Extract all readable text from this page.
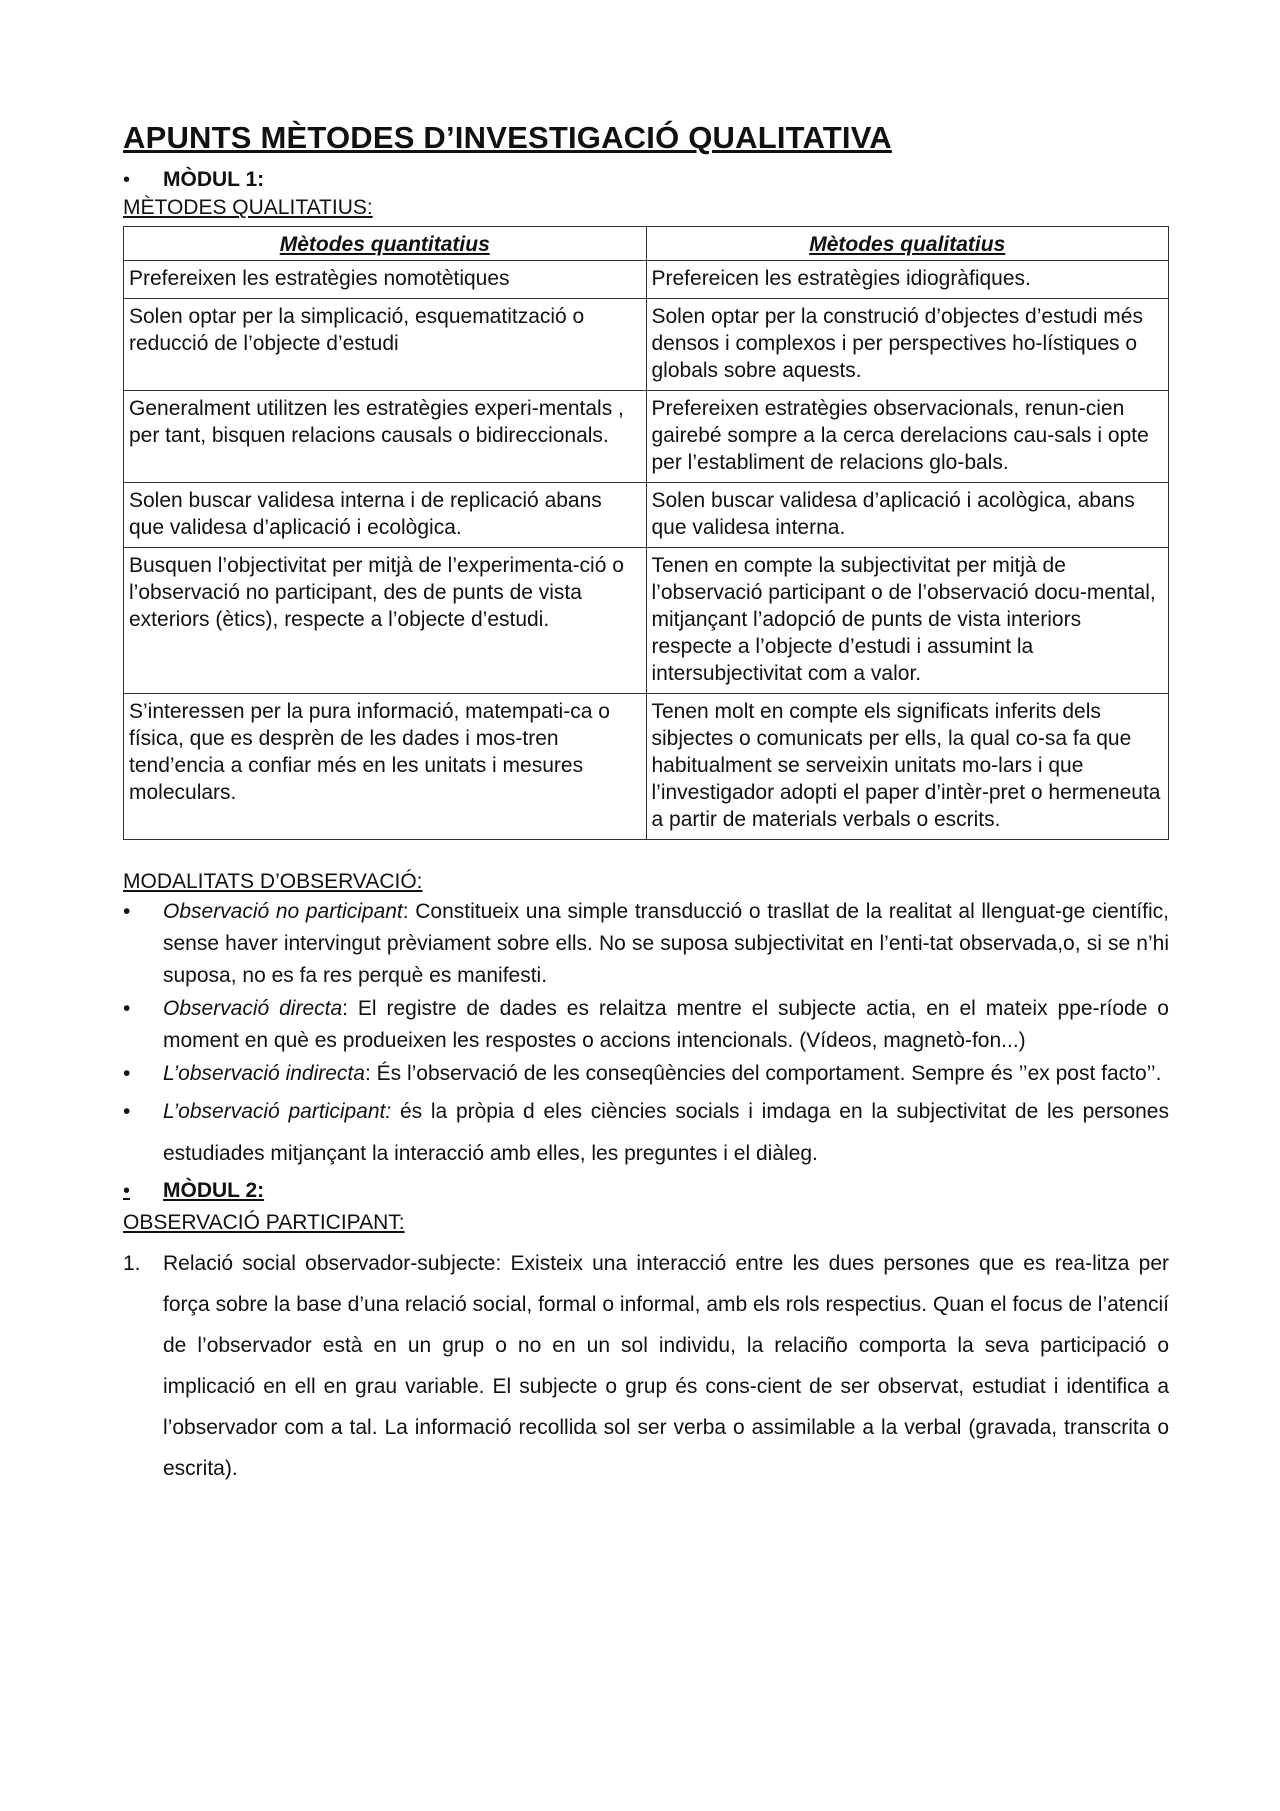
APUNTS MÈTODES D’INVESTIGACIÓ QUALITATIVA
•	MÒDUL 1:
MÈTODES QUALITATIUS:
Mètodes quantitatius	Mètodes qualitatius
Prefereixen les estratègies nomotètiques	Prefereicen les estratègies idiogràfiques.
Solen optar per la simplicació, esquematització o reducció de l’objecte d’estudi	Solen optar per la construció d’objectes d’estudi més densos i complexos i per perspectives ho-lístiques o globals sobre aquests.
Generalment utilitzen les estratègies experi-mentals , per tant, bisquen relacions causals o bidireccionals.	Prefereixen estratègies observacionals, renun-cien gairebé sompre a la cerca derelacions cau-sals i opte per l’establiment de relacions glo-bals.
Solen buscar validesa interna i de replicació abans que validesa d’aplicació i ecològica.	Solen buscar validesa d’aplicació i acològica, abans que validesa interna.
Busquen l’objectivitat per mitjà de l’experimenta-ció o l’observació no participant, des de punts de vista exteriors (ètics), respecte a l’objecte d’estudi.	Tenen en compte la subjectivitat per mitjà de l’observació participant o de l’observació docu-mental, mitjançant l’adopció de punts de vista interiors respecte a l’objecte d’estudi i assumint la intersubjectivitat com a valor.
S’interessen per la pura informació, matempati-ca o física, que es desprèn de les dades i mos-tren tend’encia a confiar més en les unitats i mesures moleculars.	Tenen molt en compte els significats inferits dels sibjectes o comunicats per ells, la qual co-sa fa que habitualment se serveixin unitats mo-lars i que l’investigador adopti el paper d’intèr-pret o hermeneuta a partir de materials verbals o escrits.
MODALITATS D’OBSERVACIÓ:
• Observació no participant: Constitueix una simple transducció o trasllat de la realitat al llenguat-ge científic, sense haver intervingut prèviament sobre ells. No se suposa subjectivitat en l’enti-tat observada,o, si se n’hi suposa, no es fa res perquè es manifesti.
• Observació directa: El registre de dades es relaitza mentre el subjecte actia, en el mateix ppe-ríode o moment en què es produeixen les respostes o accions intencionals. (Vídeos, magnetò-fon...)
• L’observació indirecta: És l’observació de les conseqûències del comportament. Sempre és ’’ex post facto’’.
• L’observació participant: és la pròpia d eles ciències socials i imdaga en la subjectivitat de les persones estudiades mitjançant la interacció amb elles, les preguntes i el diàleg.
•	MÒDUL 2:
OBSERVACIÓ PARTICIPANT:
1. Relació social observador-subjecte: Existeix una interacció entre les dues persones que es rea-litza per força sobre la base d’una relació social, formal o informal, amb els rols respectius. Quan el focus de l’atencií de l’observador està en un grup o no en un sol individu, la relaciño comporta la seva participació o implicació en ell en grau variable. El subjecte o grup és cons-cient de ser observat, estudiat i identifica a l’observador com a tal. La informació recollida sol ser verba o assimilable a la verbal (gravada, transcrita o escrita).
